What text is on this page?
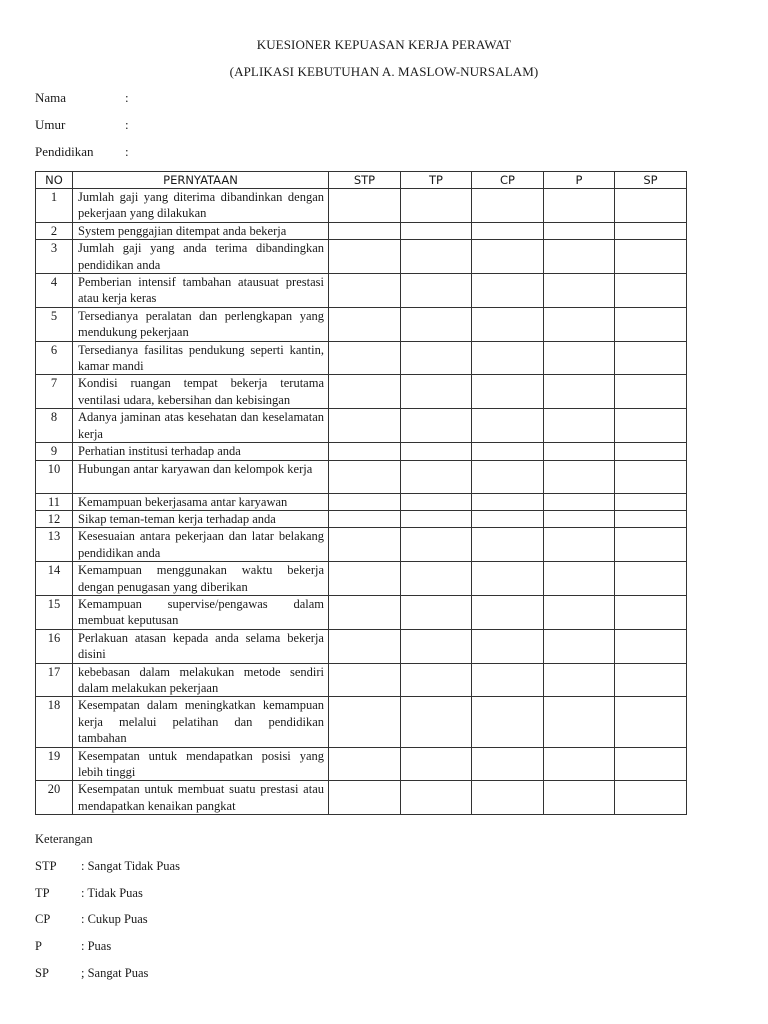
KUESIONER KEPUASAN KERJA PERAWAT
(APLIKASI KEBUTUHAN A. MASLOW-NURSALAM)
Nama	:
Umur	:
Pendidikan :
NO	PERNYATAAN	STP	TP	CP	P	SP
1	Jumlah gaji yang diterima dibandinkan dengan pekerjaan yang dilakukan					
2	System penggajian ditempat anda bekerja					
3	Jumlah gaji yang anda terima dibandingkan pendidikan anda					
4	Pemberian intensif tambahan atausuat prestasi atau kerja keras					
5	Tersedianya peralatan dan perlengkapan yang mendukung pekerjaan					
6	Tersedianya fasilitas pendukung seperti kantin, kamar mandi					
7	Kondisi ruangan tempat bekerja terutama ventilasi udara, kebersihan dan kebisingan					
8	Adanya jaminan atas kesehatan dan keselamatan kerja					
9	Perhatian institusi terhadap anda					
10	Hubungan antar karyawan dan kelompok kerja					
11	Kemampuan bekerjasama antar karyawan					
12	Sikap teman-teman kerja terhadap anda					
13	Kesesuaian antara pekerjaan dan latar belakang pendidikan anda					
14	Kemampuan menggunakan waktu bekerja dengan penugasan yang diberikan					
15	Kemampuan supervise/pengawas dalam membuat keputusan					
16	Perlakuan atasan kepada anda selama bekerja disini					
17	kebebasan dalam melakukan metode sendiri dalam melakukan pekerjaan					
18	Kesempatan dalam meningkatkan kemampuan kerja melalui pelatihan dan pendidikan tambahan					
19	Kesempatan untuk mendapatkan posisi yang lebih tinggi					
20	Kesempatan untuk membuat suatu prestasi atau mendapatkan kenaikan pangkat					
Keterangan
STP : Sangat Tidak Puas
TP	: Tidak Puas
CP : Cukup Puas
P	: Puas
SP	; Sangat Puas
